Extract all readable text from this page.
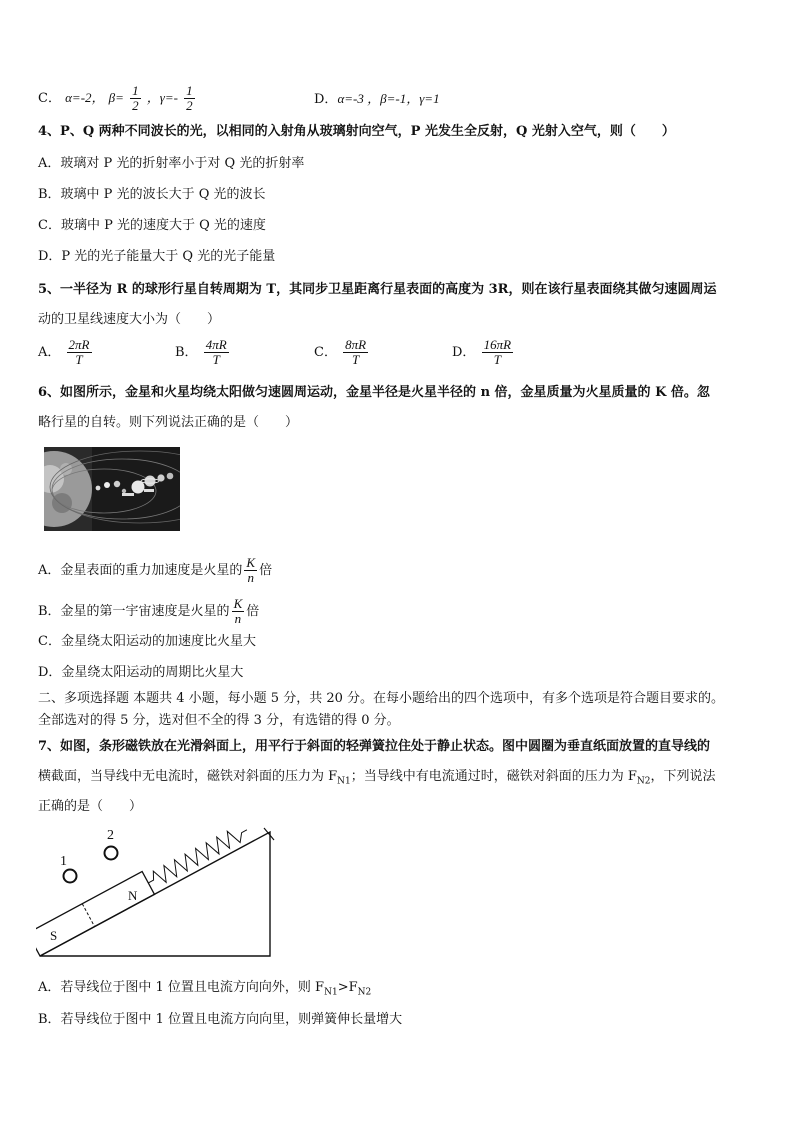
C． α=-2， $\beta= \frac{1}{2}$ ，$\gamma=- \frac{1}{2}$	D．α=-3 ，β=-1，γ=1
4、P、Q 两种不同波长的光，以相同的入射角从玻璃射向空气，P 光发生全反射，Q 光射入空气，则（　　）
A．玻璃对 P 光的折射率小于对 Q 光的折射率
B．玻璃中 P 光的波长大于 Q 光的波长
C．玻璃中 P 光的速度大于 Q 光的速度
D．P 光的光子能量大于 Q 光的光子能量
5、一半径为 R 的球形行星自转周期为 T，其同步卫星距离行星表面的高度为 3R，则在该行星表面绕其做匀速圆周运
动的卫星线速度大小为（　　）
A． $\frac{2\pi R}{T}$	B． $\frac{4\pi R}{T}$	C． $\frac{8\pi R}{T}$	D． $\frac{16\pi R}{T}$
6、如图所示，金星和火星均绕太阳做匀速圆周运动，金星半径是火星半径的 n 倍，金星质量为火星质量的 K 倍。忽
略行星的自转。则下列说法正确的是（　　）
A．金星表面的重力加速度是火星的 $\frac{K}{n}$ 倍
B．金星的第一宇宙速度是火星的 $\frac{K}{n}$ 倍
C．金星绕太阳运动的加速度比火星大
D．金星绕太阳运动的周期比火星大
二、多项选择题 本题共 4 小题，每小题 5 分，共 20 分。在每小题给出的四个选项中，有多个选项是符合题目要求的。
全部选对的得 5 分，选对但不全的得 3 分，有选错的得 0 分。
7、如图，条形磁铁放在光滑斜面上，用平行于斜面的轻弹簧拉住处于静止状态。图中圆圈为垂直纸面放置的直导线的
横截面，当导线中无电流时，磁铁对斜面的压力为 $F_{N1}$；当导线中有电流通过时，磁铁对斜面的压力为 $F_{N2}$，下列说法
正确的是（　　）
1
2
N
S
A．若导线位于图中 1 位置且电流方向向外，则 $F_{N1}>F_{N2}$
B．若导线位于图中 1 位置且电流方向向里，则弹簧伸长量增大
